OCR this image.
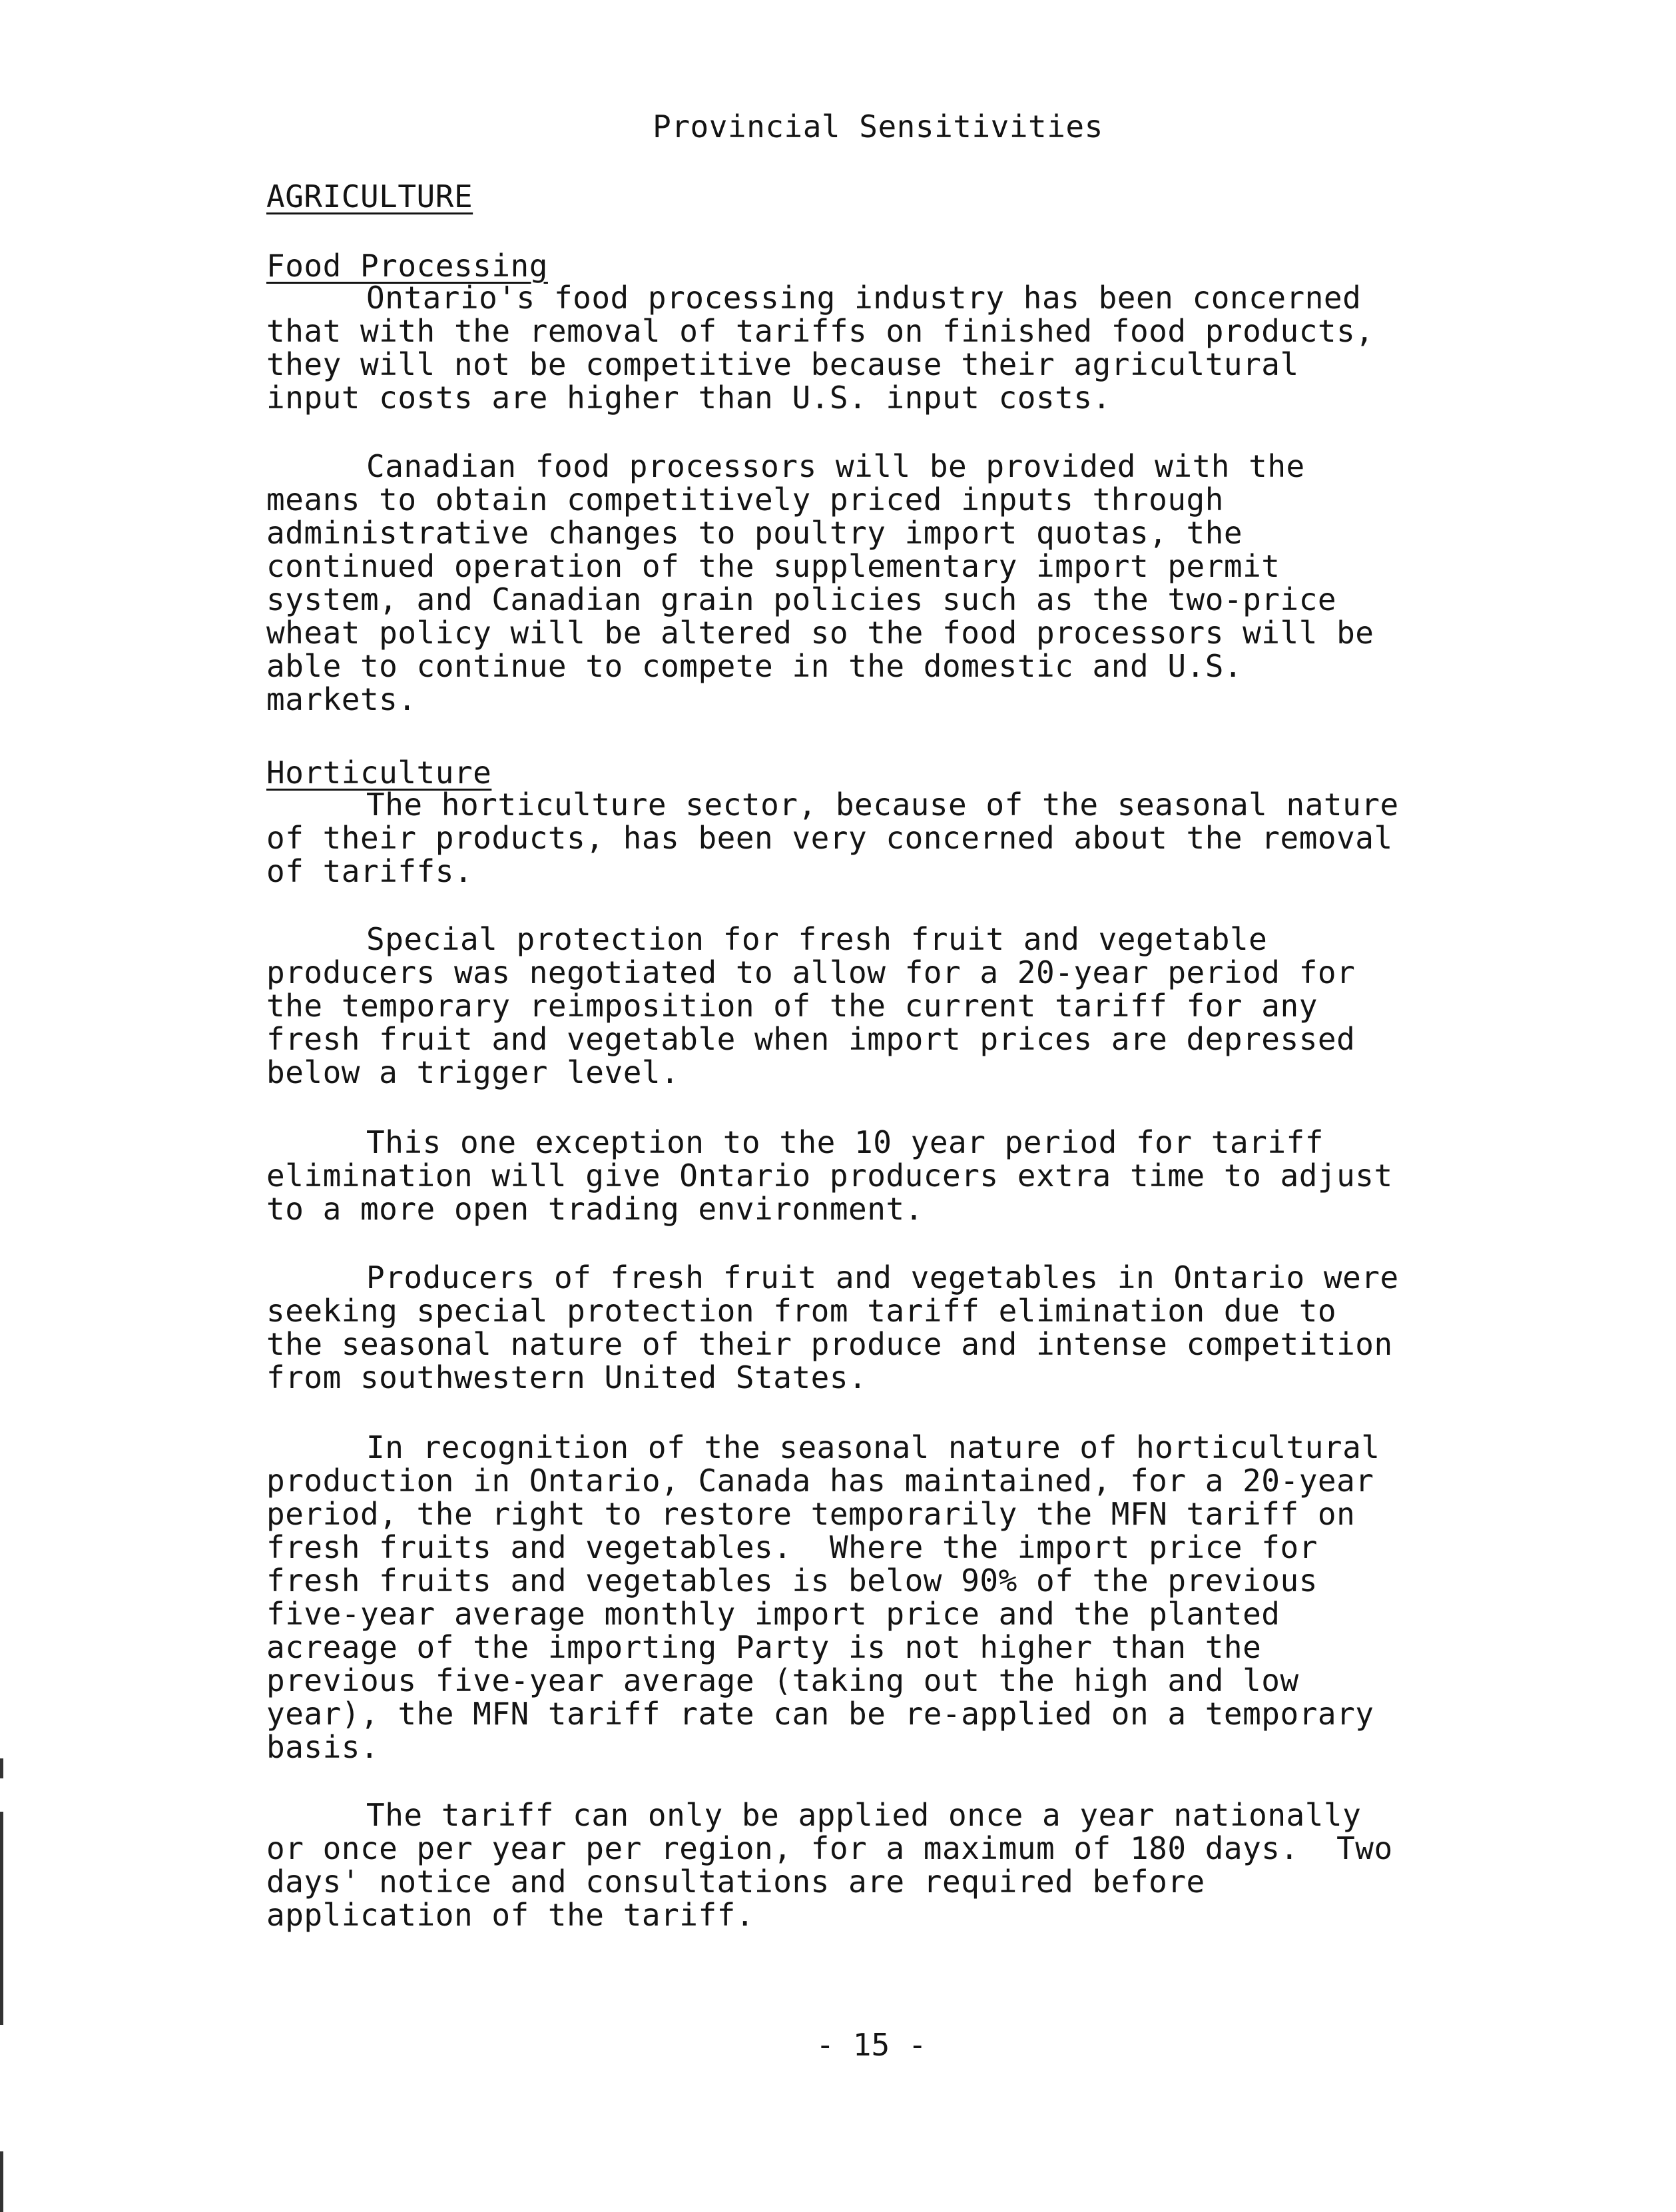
Provincial Sensitivities
AGRICULTURE
Food Processing

Ontario's food processing industry has been concerned
that with the removal of tariffs on finished food products,
they will not be competitive because their agricultural
input costs are higher than U.S. input costs.

Canadian food processors will be provided with the
means to obtain competitively priced inputs through
administrative changes to poultry import quotas, the
continued operation of the supplementary import permit
system, and Canadian grain policies such as the two-price
wheat policy will be altered so the food processors will be
able to continue to compete in the domestic and U.S.
markets.

Horticulture

The horticulture sector, because of the seasonal nature
of their products, has been very concerned about the removal
of tariffs.

Special protection for fresh fruit and vegetable
producers was negotiated to allow for a 20-year period for
the temporary reimposition of the current tariff for any
fresh fruit and vegetable when import prices are depressed
below a trigger level.

This one exception to the 10 year period for tariff
elimination will give Ontario producers extra time to adjust
to a more open trading environment.

Producers of fresh fruit and vegetables in Ontario were
seeking special protection from tariff elimination due to
the seasonal nature of their produce and intense competition
from southwestern United States.

In recognition of the seasonal nature of horticultural
production in Ontario, Canada has maintained, for a 20-year
period, the right to restore temporarily the MFN tariff on
fresh fruits and vegetables.  Where the import price for
fresh fruits and vegetables is below 90% of the previous
five-year average monthly import price and the planted
acreage of the importing Party is not higher than the
previous five-year average (taking out the high and low
year), the MFN tariff rate can be re-applied on a temporary
basis.

The tariff can only be applied once a year nationally
or once per year per region, for a maximum of 180 days.  Two
days' notice and consultations are required before
application of the tariff.

- 15 -
